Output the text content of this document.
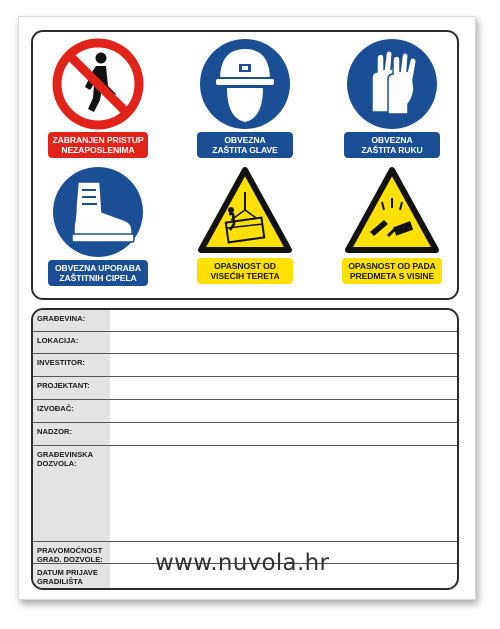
ZABRANJEN PRISTUP
NEZAPOSLENIMA
OBVEZNA
ZAŠTITA GLAVE
OBVEZNA
ZAŠTITA RUKU
OBVEZNA UPORABA
ZAŠTITNIH CIPELA
OPASNOST OD
VISEĆIH TERETA
OPASNOST OD PADA
PREDMETA S VISINE
GRAĐEVINA:
LOKACIJA:
INVESTITOR:
PROJEKTANT:
IZVOĐAČ:
NADZOR:
GRAĐEVINSKA
DOZVOLA:
PRAVOMOĆNOST
GRAD. DOZVOLE:
DATUM PRIJAVE
GRADILIŠTA
www.nuvola.hr
